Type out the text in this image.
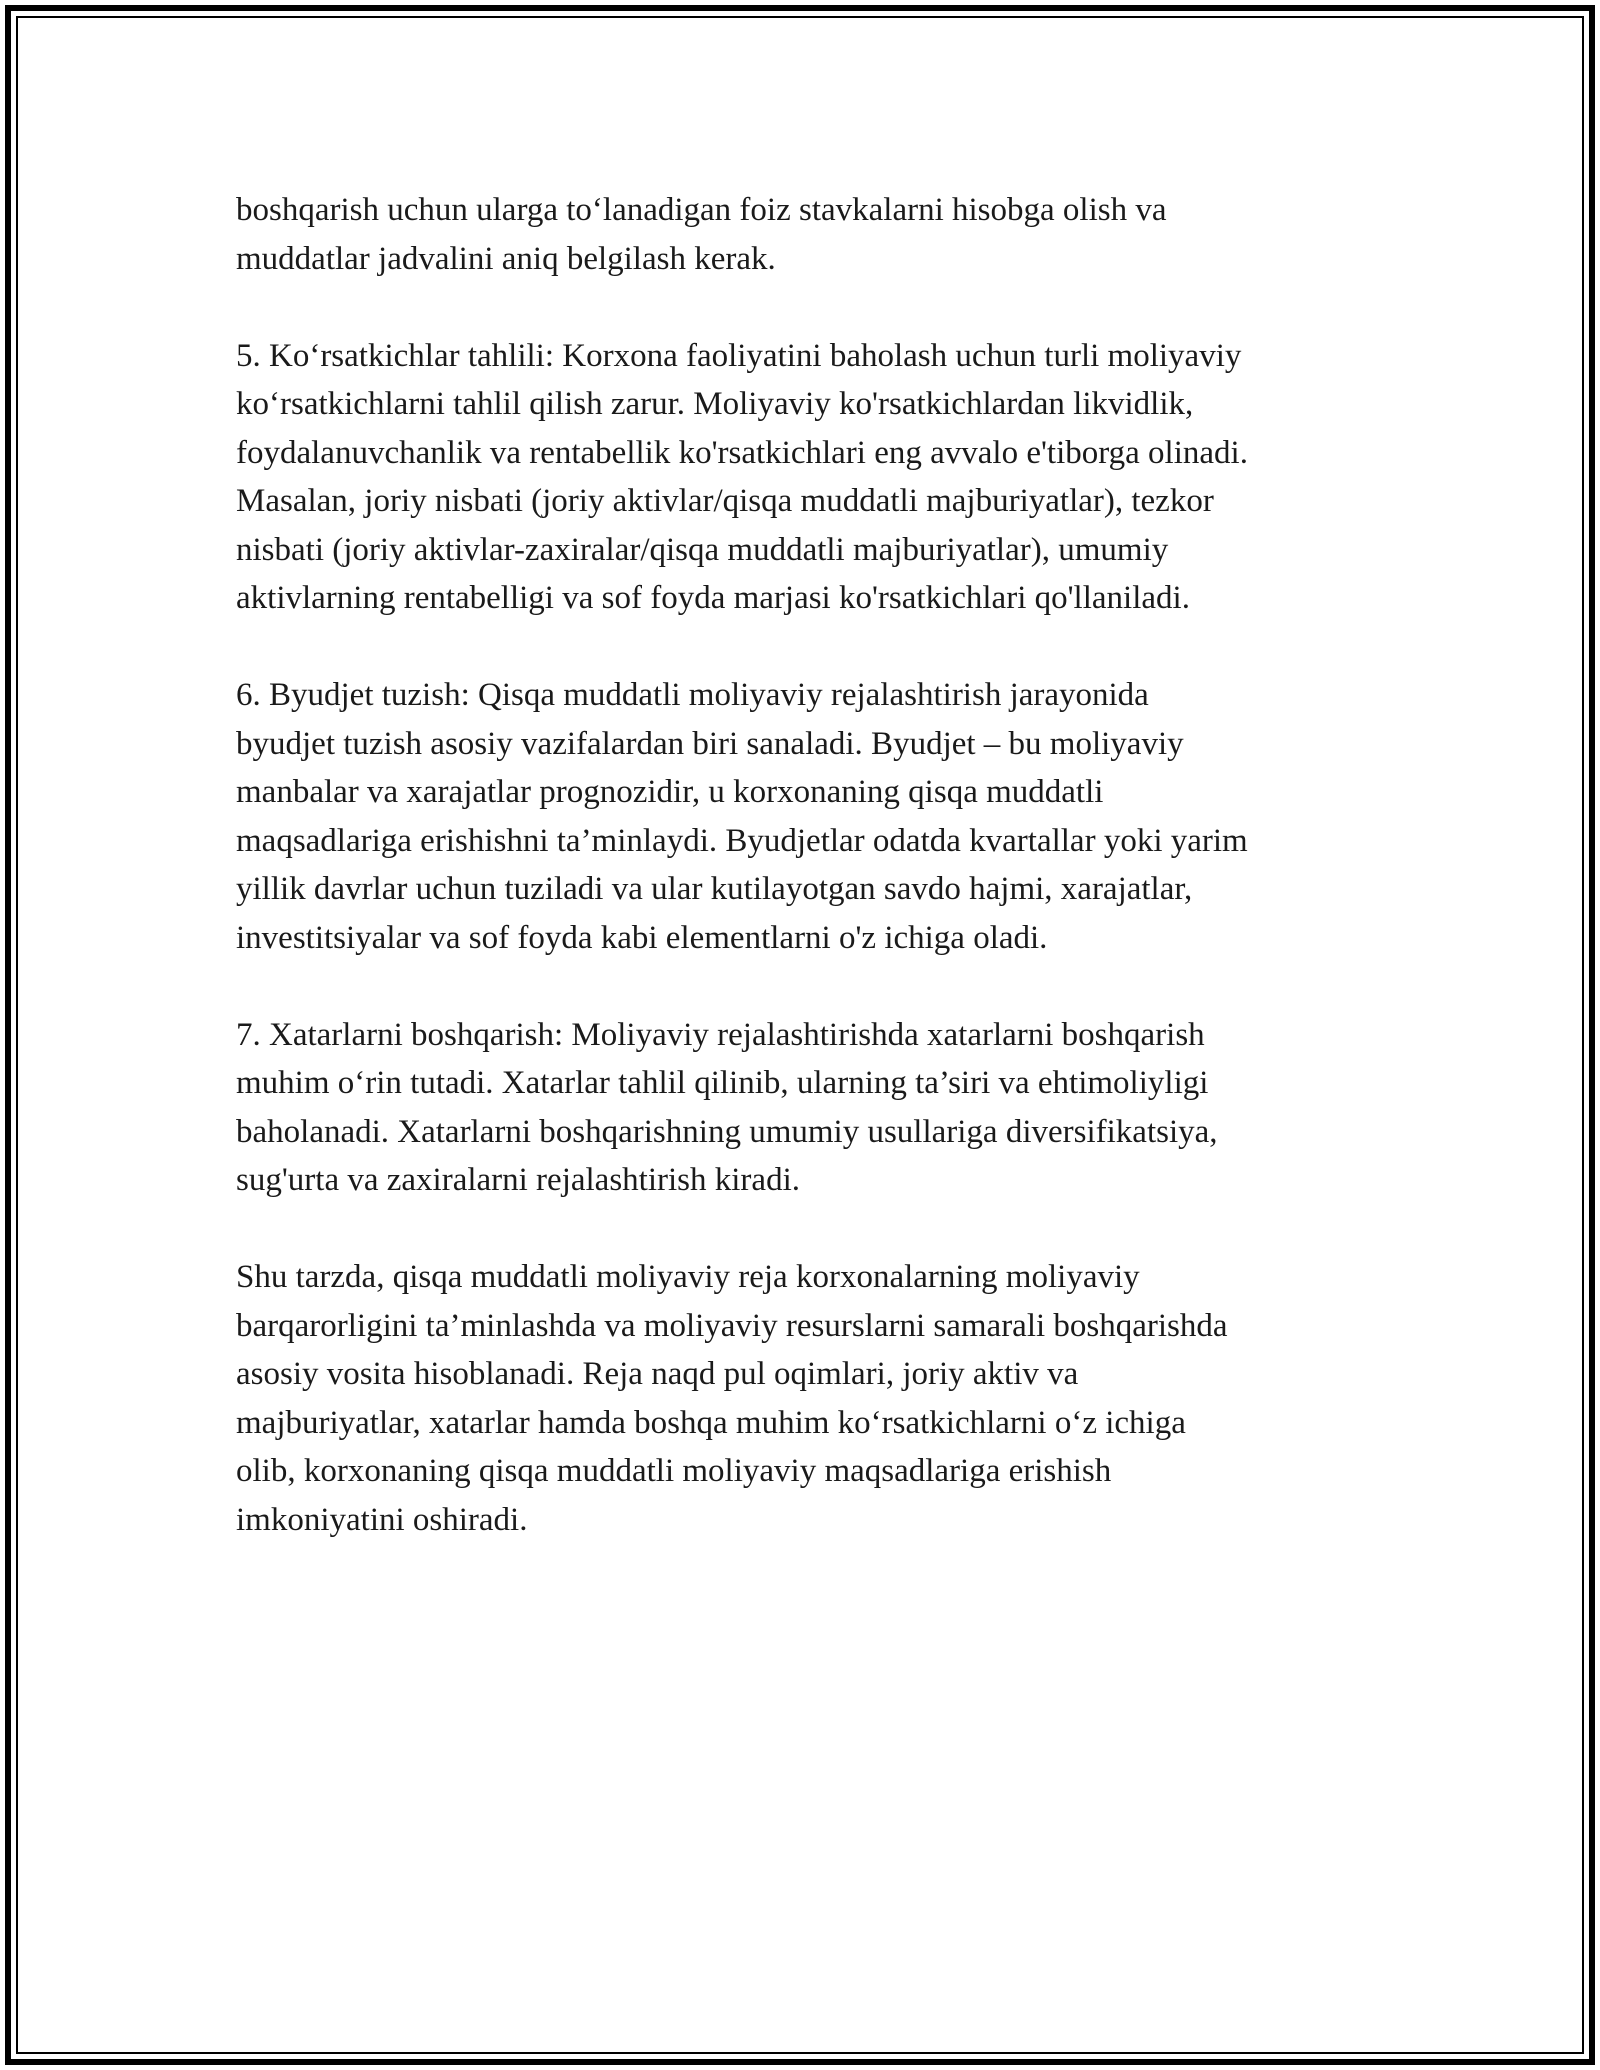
boshqarish uchun ularga to‘lanadigan foiz stavkalarni hisobga olish va
muddatlar jadvalini aniq belgilash kerak.

5. Ko‘rsatkichlar tahlili: Korxona faoliyatini baholash uchun turli moliyaviy
ko‘rsatkichlarni tahlil qilish zarur. Moliyaviy ko'rsatkichlardan likvidlik,
foydalanuvchanlik va rentabellik ko'rsatkichlari eng avvalo e'tiborga olinadi.
Masalan, joriy nisbati (joriy aktivlar/qisqa muddatli majburiyatlar), tezkor
nisbati (joriy aktivlar-zaxiralar/qisqa muddatli majburiyatlar), umumiy
aktivlarning rentabelligi va sof foyda marjasi ko'rsatkichlari qo'llaniladi.

6. Byudjet tuzish: Qisqa muddatli moliyaviy rejalashtirish jarayonida
byudjet tuzish asosiy vazifalardan biri sanaladi. Byudjet – bu moliyaviy
manbalar va xarajatlar prognozidir, u korxonaning qisqa muddatli
maqsadlariga erishishni ta’minlaydi. Byudjetlar odatda kvartallar yoki yarim
yillik davrlar uchun tuziladi va ular kutilayotgan savdo hajmi, xarajatlar,
investitsiyalar va sof foyda kabi elementlarni o'z ichiga oladi.

7. Xatarlarni boshqarish: Moliyaviy rejalashtirishda xatarlarni boshqarish
muhim o‘rin tutadi. Xatarlar tahlil qilinib, ularning ta’siri va ehtimoliyligi
baholanadi. Xatarlarni boshqarishning umumiy usullariga diversifikatsiya,
sug'urta va zaxiralarni rejalashtirish kiradi.

Shu tarzda, qisqa muddatli moliyaviy reja korxonalarning moliyaviy
barqarorligini ta’minlashda va moliyaviy resurslarni samarali boshqarishda
asosiy vosita hisoblanadi. Reja naqd pul oqimlari, joriy aktiv va
majburiyatlar, xatarlar hamda boshqa muhim ko‘rsatkichlarni o‘z ichiga
olib, korxonaning qisqa muddatli moliyaviy maqsadlariga erishish
imkoniyatini oshiradi.
